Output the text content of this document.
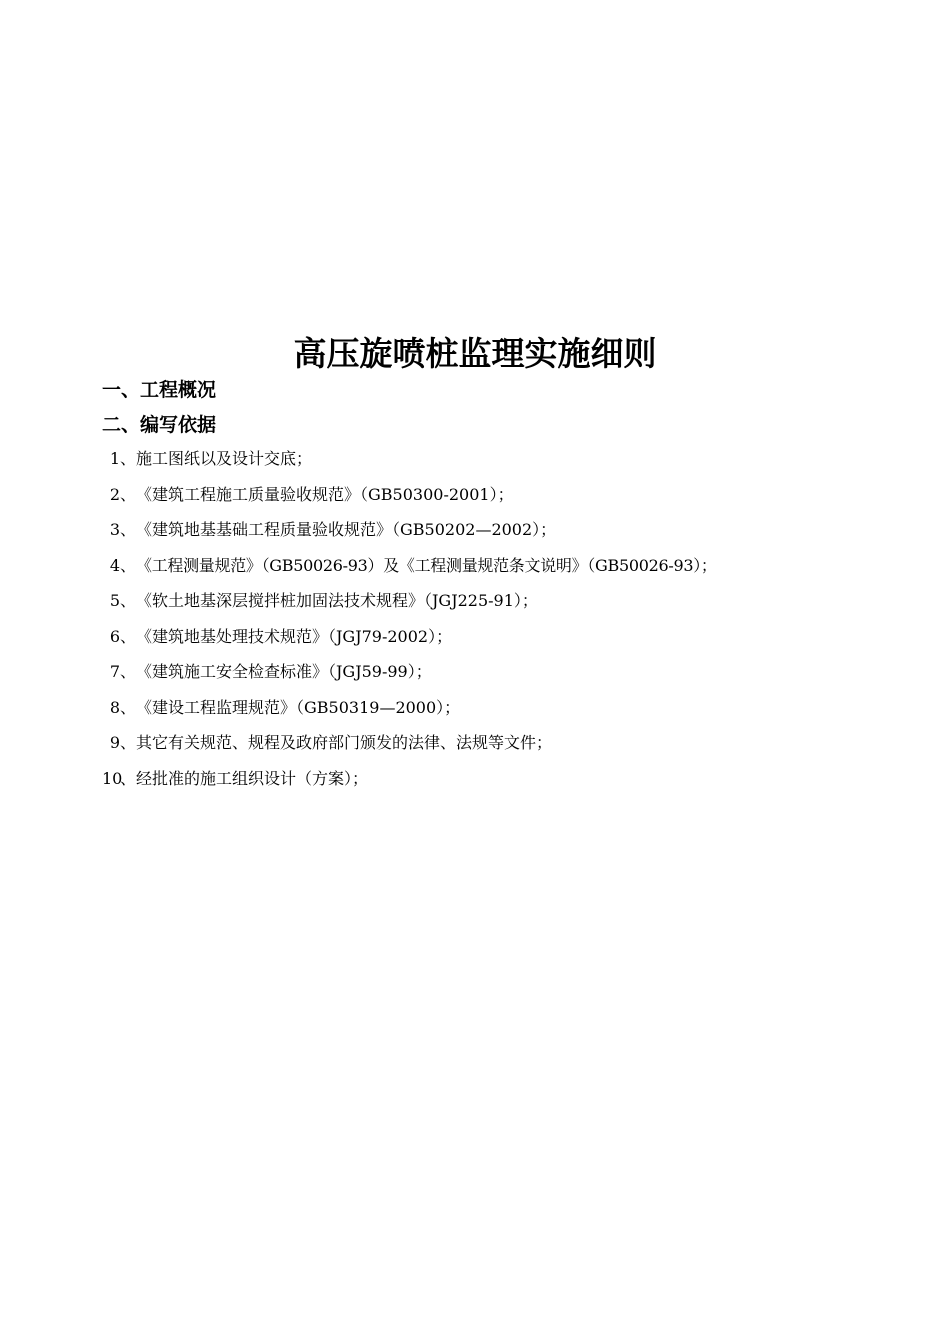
高压旋喷桩监理实施细则
一、工程概况
二、编写依据
1 、 施工图纸以及设计交底；
2 、 《建筑工程施工质量验收规范》（GB50300-2001）；
3 、 《建筑地基基础工程质量验收规范》（GB50202—2002）；
4 、 《工程测量规范》（GB50026-93）及《工程测量规范条文说明》（GB50026-93）；
5 、 《软土地基深层搅拌桩加固法技术规程》（JGJ225-91）；
6 、 《建筑地基处理技术规范》（JGJ79-2002）；
7 、 《建筑施工安全检查标准》（JGJ59-99）；
8 、 《建设工程监理规范》（GB50319—2000）；
9 、 其它有关规范、规程及政府部门颁发的法律、法规等文件；
10
、 经批准的施工组织设计（方案）；
